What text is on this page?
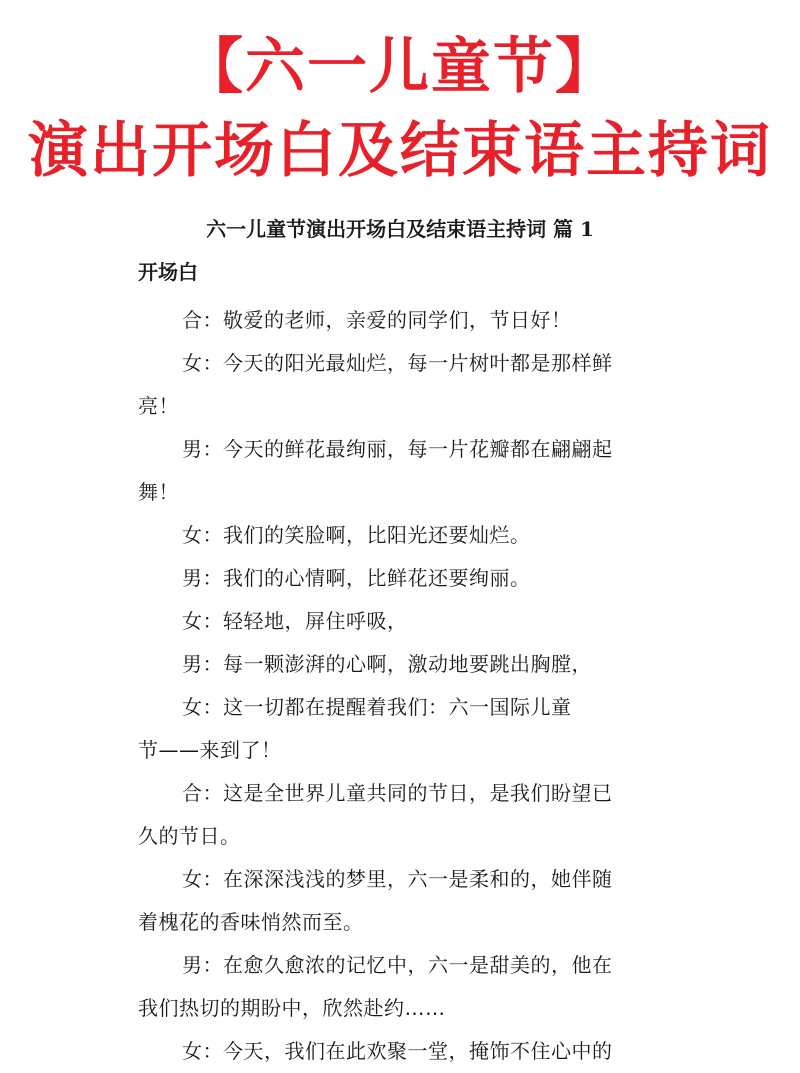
【六一儿童节】
演出开场白及结束语主持词
六一儿童节演出开场白及结束语主持词 篇 1
开场白
合：敬爱的老师，亲爱的同学们，节日好！
女：今天的阳光最灿烂，每一片树叶都是那样鲜
亮！
男：今天的鲜花最绚丽，每一片花瓣都在翩翩起
舞！
女：我们的笑脸啊，比阳光还要灿烂。
男：我们的心情啊，比鲜花还要绚丽。
女：轻轻地，屏住呼吸，
男：每一颗澎湃的心啊，激动地要跳出胸膛，
女：这一切都在提醒着我们：六一国际儿童
节——来到了！
合：这是全世界儿童共同的节日，是我们盼望已
久的节日。
女：在深深浅浅的梦里，六一是柔和的，她伴随
着槐花的香味悄然而至。
男：在愈久愈浓的记忆中，六一是甜美的，他在
我们热切的期盼中，欣然赴约……
女：今天，我们在此欢聚一堂，掩饰不住心中的
